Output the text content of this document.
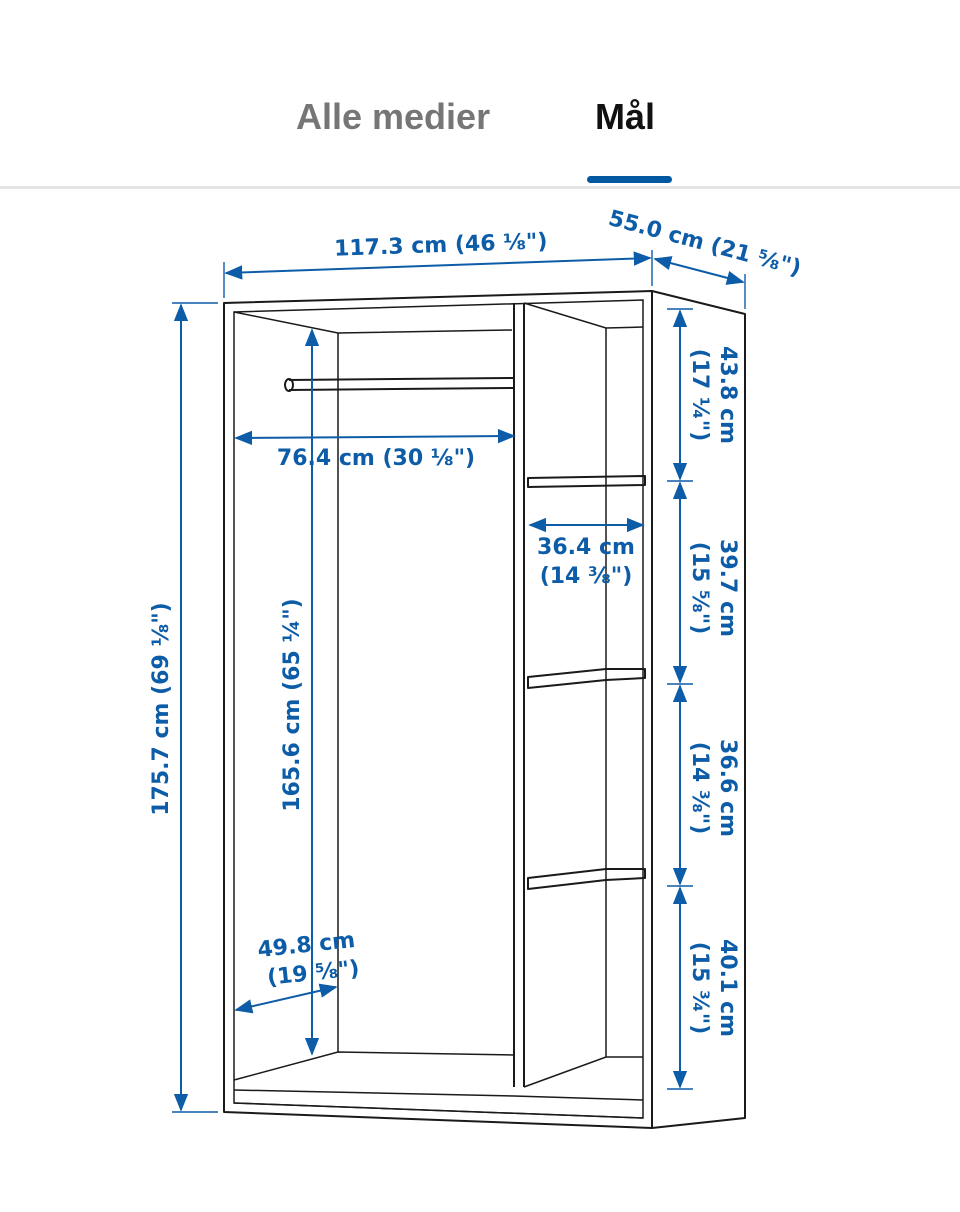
Alle medier	Mål
117.3 cm (46 ⅛")	55.0 cm (21 ⅝")
175.7 cm (69 ⅛")	165.6 cm (65 ¼")
76.4 cm (30 ⅛")
49.8 cm
(19 ⅝")
36.4 cm
(14 ⅜")
43.8 cm
(17 ¼")
39.7 cm
(15 ⅝")
36.6 cm
(14 ⅜")
40.1 cm
(15 ¾")
